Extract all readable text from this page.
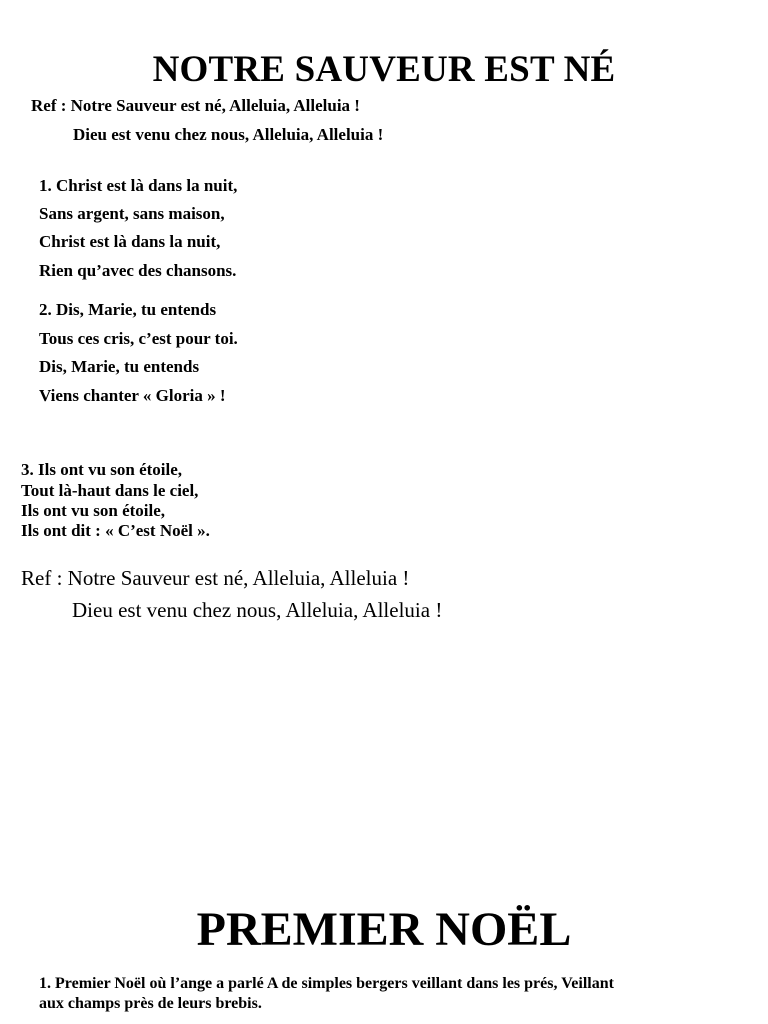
NOTRE SAUVEUR EST NÉ
Ref : Notre Sauveur est né, Alleluia, Alleluia !
Dieu est venu chez nous, Alleluia, Alleluia !
1. Christ est là dans la nuit,
Sans argent, sans maison,
Christ est là dans la nuit,
Rien qu’avec des chansons.
2. Dis, Marie, tu entends
Tous ces cris, c’est pour toi.
Dis, Marie, tu entends
Viens chanter « Gloria » !
3. Ils ont vu son étoile,
Tout là-haut dans le ciel,
Ils ont vu son étoile,
Ils ont dit : « C’est Noël ».
Ref : Notre Sauveur est né, Alleluia, Alleluia !
Dieu est venu chez nous, Alleluia, Alleluia !
PREMIER NOËL
1. Premier Noël où l’ange a parlé A de simples bergers veillant dans les prés, Veillant aux champs près de leurs brebis.
